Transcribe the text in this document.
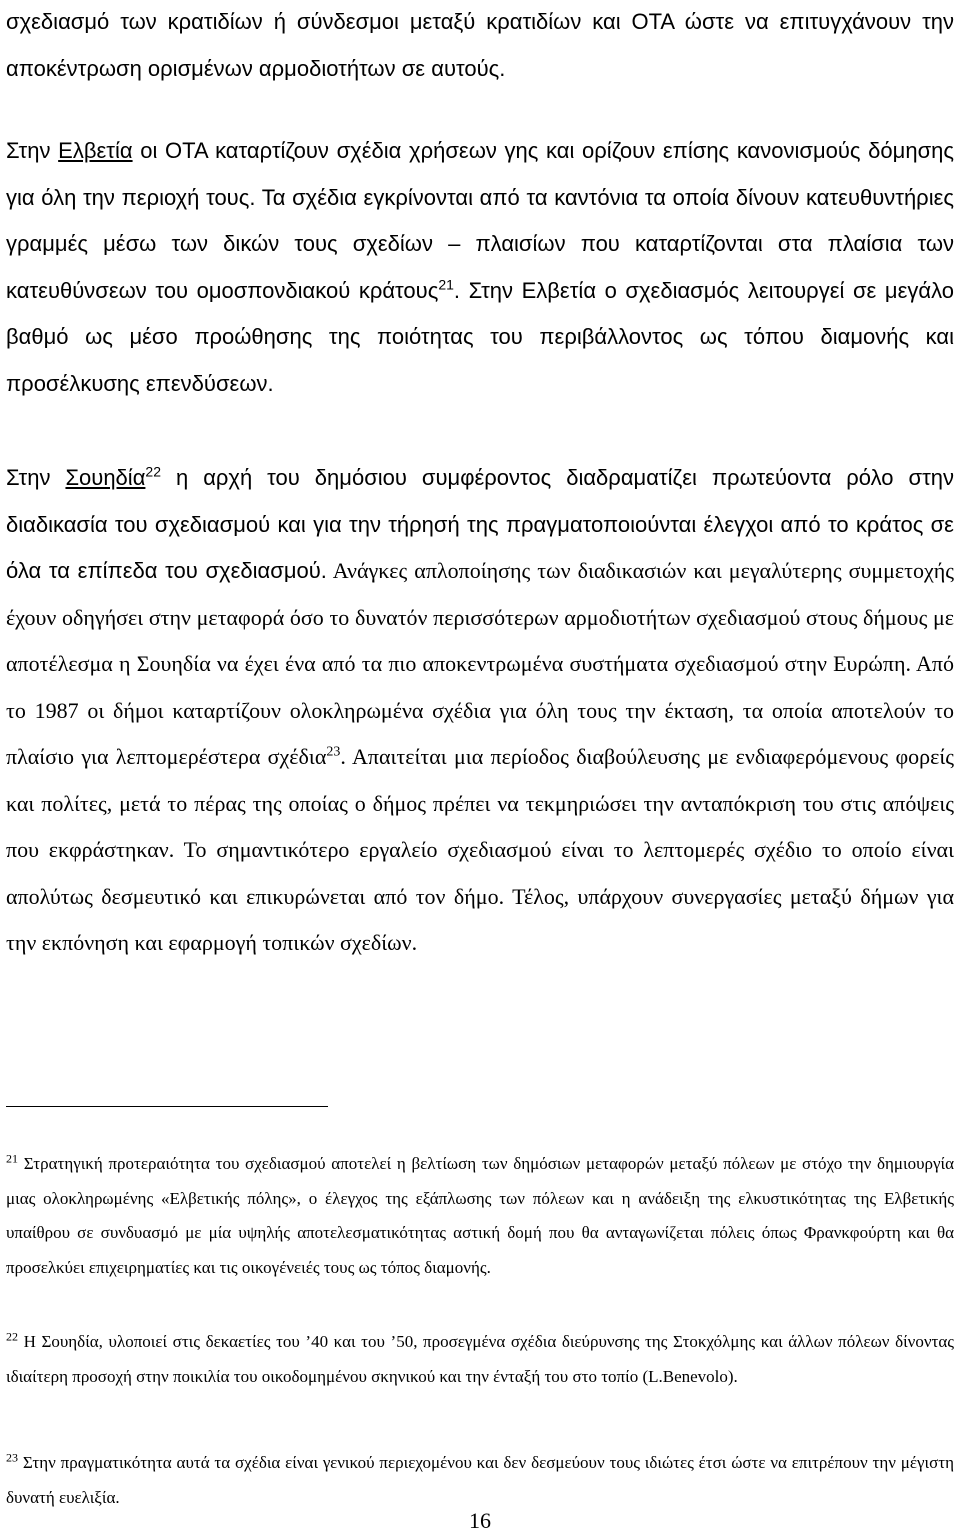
σχεδιασμό των κρατιδίων ή σύνδεσμοι μεταξύ κρατιδίων και ΟΤΑ ώστε να επιτυγχάνουν την αποκέντρωση ορισμένων αρμοδιοτήτων σε αυτούς.

Στην Ελβετία οι ΟΤΑ καταρτίζουν σχέδια χρήσεων γης και ορίζουν επίσης κανονισμούς δόμησης για όλη την περιοχή τους. Τα σχέδια εγκρίνονται από τα καντόνια τα οποία δίνουν κατευθυντήριες γραμμές μέσω των δικών τους σχεδίων – πλαισίων που καταρτίζονται στα πλαίσια των κατευθύνσεων του ομοσπονδιακού κράτους$^{21}$. Στην Ελβετία ο σχεδιασμός λειτουργεί σε μεγάλο βαθμό ως μέσο προώθησης της ποιότητας του περιβάλλοντος ως τόπου διαμονής και προσέλκυσης επενδύσεων.

Στην Σουηδία$^{22}$ η αρχή του δημόσιου συμφέροντος διαδραματίζει πρωτεύοντα ρόλο στην διαδικασία του σχεδιασμού και για την τήρησή της πραγματοποιούνται έλεγχοι από το κράτος σε όλα τα επίπεδα του σχεδιασμού. Ανάγκες απλοποίησης των διαδικασιών και μεγαλύτερης συμμετοχής έχουν οδηγήσει στην μεταφορά όσο το δυνατόν περισσότερων αρμοδιοτήτων σχεδιασμού στους δήμους με αποτέλεσμα η Σουηδία να έχει ένα από τα πιο αποκεντρωμένα συστήματα σχεδιασμού στην Ευρώπη. Από το 1987 οι δήμοι καταρτίζουν ολοκληρωμένα σχέδια για όλη τους την έκταση, τα οποία αποτελούν το πλαίσιο για λεπτομερέστερα σχέδια$^{23}$. Απαιτείται μια περίοδος διαβούλευσης με ενδιαφερόμενους φορείς και πολίτες, μετά το πέρας της οποίας ο δήμος πρέπει να τεκμηριώσει την ανταπόκριση του στις απόψεις που εκφράστηκαν. Το σημαντικότερο εργαλείο σχεδιασμού είναι το λεπτομερές σχέδιο το οποίο είναι απολύτως δεσμευτικό και επικυρώνεται από τον δήμο. Τέλος, υπάρχουν συνεργασίες μεταξύ δήμων για την εκπόνηση και εφαρμογή τοπικών σχεδίων.

$^{21}$ Στρατηγική προτεραιότητα του σχεδιασμού αποτελεί η βελτίωση των δημόσιων μεταφορών μεταξύ πόλεων με στόχο την δημιουργία μιας ολοκληρωμένης «Ελβετικής πόλης», ο έλεγχος της εξάπλωσης των πόλεων και η ανάδειξη της ελκυστικότητας της Ελβετικής υπαίθρου σε συνδυασμό με μία υψηλής αποτελεσματικότητας αστική δομή που θα ανταγωνίζεται πόλεις όπως Φρανκφούρτη και θα προσελκύει επιχειρηματίες και τις οικογένειές τους ως τόπος διαμονής.

$^{22}$ Η Σουηδία, υλοποιεί στις δεκαετίες του ’40 και του ’50, προσεγμένα σχέδια διεύρυνσης της Στοκχόλμης και άλλων πόλεων δίνοντας ιδιαίτερη προσοχή στην ποικιλία του οικοδομημένου σκηνικού και την ένταξή του στο τοπίο (L.Benevolo).

$^{23}$ Στην πραγματικότητα αυτά τα σχέδια είναι γενικού περιεχομένου και δεν δεσμεύουν τους ιδιώτες έτσι ώστε να επιτρέπουν την μέγιστη δυνατή ευελιξία.

16
